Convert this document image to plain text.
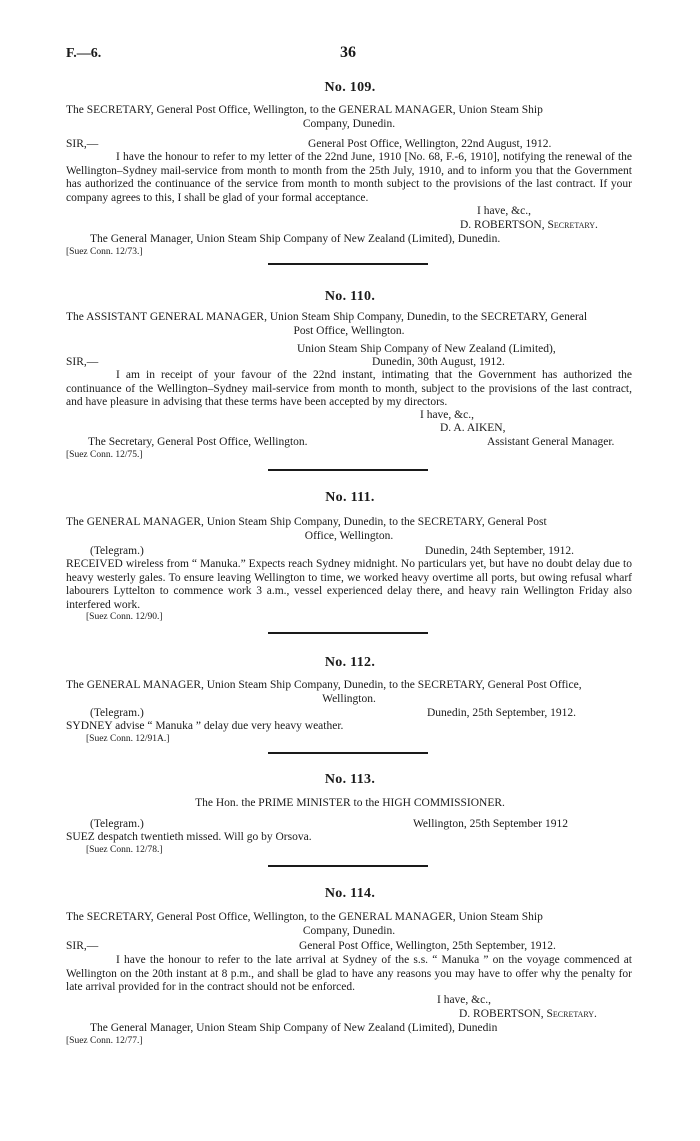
F.—6.	36
No. 109.
The SECRETARY, General Post Office, Wellington, to the GENERAL MANAGER, Union Steam Ship
Company, Dunedin.
SIR,—	General Post Office, Wellington, 22nd August, 1912.
I have the honour to refer to my letter of the 22nd June, 1910 [No. 68, F.-6, 1910], notifying the renewal of the Wellington–Sydney mail-service from month to month from the 25th July, 1910, and to inform you that the Government has authorized the continuance of the service from month to month subject to the provisions of the last contract. If your company agrees to this, I shall be glad of your formal acceptance.
I have, &c.,
D. ROBERTSON, Secretary.
The General Manager, Union Steam Ship Company of New Zealand (Limited), Dunedin.
[Suez Conn. 12/73.]
No. 110.
The ASSISTANT GENERAL MANAGER, Union Steam Ship Company, Dunedin, to the SECRETARY, General
Post Office, Wellington.
Union Steam Ship Company of New Zealand (Limited),
SIR,—	Dunedin, 30th August, 1912.
I am in receipt of your favour of the 22nd instant, intimating that the Government has authorized the continuance of the Wellington–Sydney mail-service from month to month, subject to the provisions of the last contract, and have pleasure in advising that these terms have been accepted by my directors.
I have, &c.,
D. A. AIKEN,
The Secretary, General Post Office, Wellington.	Assistant General Manager.
[Suez Conn. 12/75.]
No. 111.
The GENERAL MANAGER, Union Steam Ship Company, Dunedin, to the SECRETARY, General Post
Office, Wellington.
(Telegram.)	Dunedin, 24th September, 1912.
RECEIVED wireless from “ Manuka.” Expects reach Sydney midnight. No particulars yet, but have no doubt delay due to heavy westerly gales. To ensure leaving Wellington to time, we worked heavy overtime all ports, but owing refusal wharf labourers Lyttelton to commence work 3 a.m., vessel experienced delay there, and heavy rain Wellington Friday also interfered work.
[Suez Conn. 12/90.]
No. 112.
The GENERAL MANAGER, Union Steam Ship Company, Dunedin, to the SECRETARY, General Post Office,
Wellington.
(Telegram.)	Dunedin, 25th September, 1912.
SYDNEY advise “ Manuka ” delay due very heavy weather.
[Suez Conn. 12/91A.]
No. 113.
The Hon. the PRIME MINISTER to the HIGH COMMISSIONER.
(Telegram.)	Wellington, 25th September 1912
SUEZ despatch twentieth missed. Will go by Orsova.
[Suez Conn. 12/78.]
No. 114.
The SECRETARY, General Post Office, Wellington, to the GENERAL MANAGER, Union Steam Ship
Company, Dunedin.
SIR,—	General Post Office, Wellington, 25th September, 1912.
I have the honour to refer to the late arrival at Sydney of the s.s. “ Manuka ” on the voyage commenced at Wellington on the 20th instant at 8 p.m., and shall be glad to have any reasons you may have to offer why the penalty for late arrival provided for in the contract should not be enforced.
I have, &c.,
D. ROBERTSON, Secretary.
The General Manager, Union Steam Ship Company of New Zealand (Limited), Dunedin
[Suez Conn. 12/77.]
